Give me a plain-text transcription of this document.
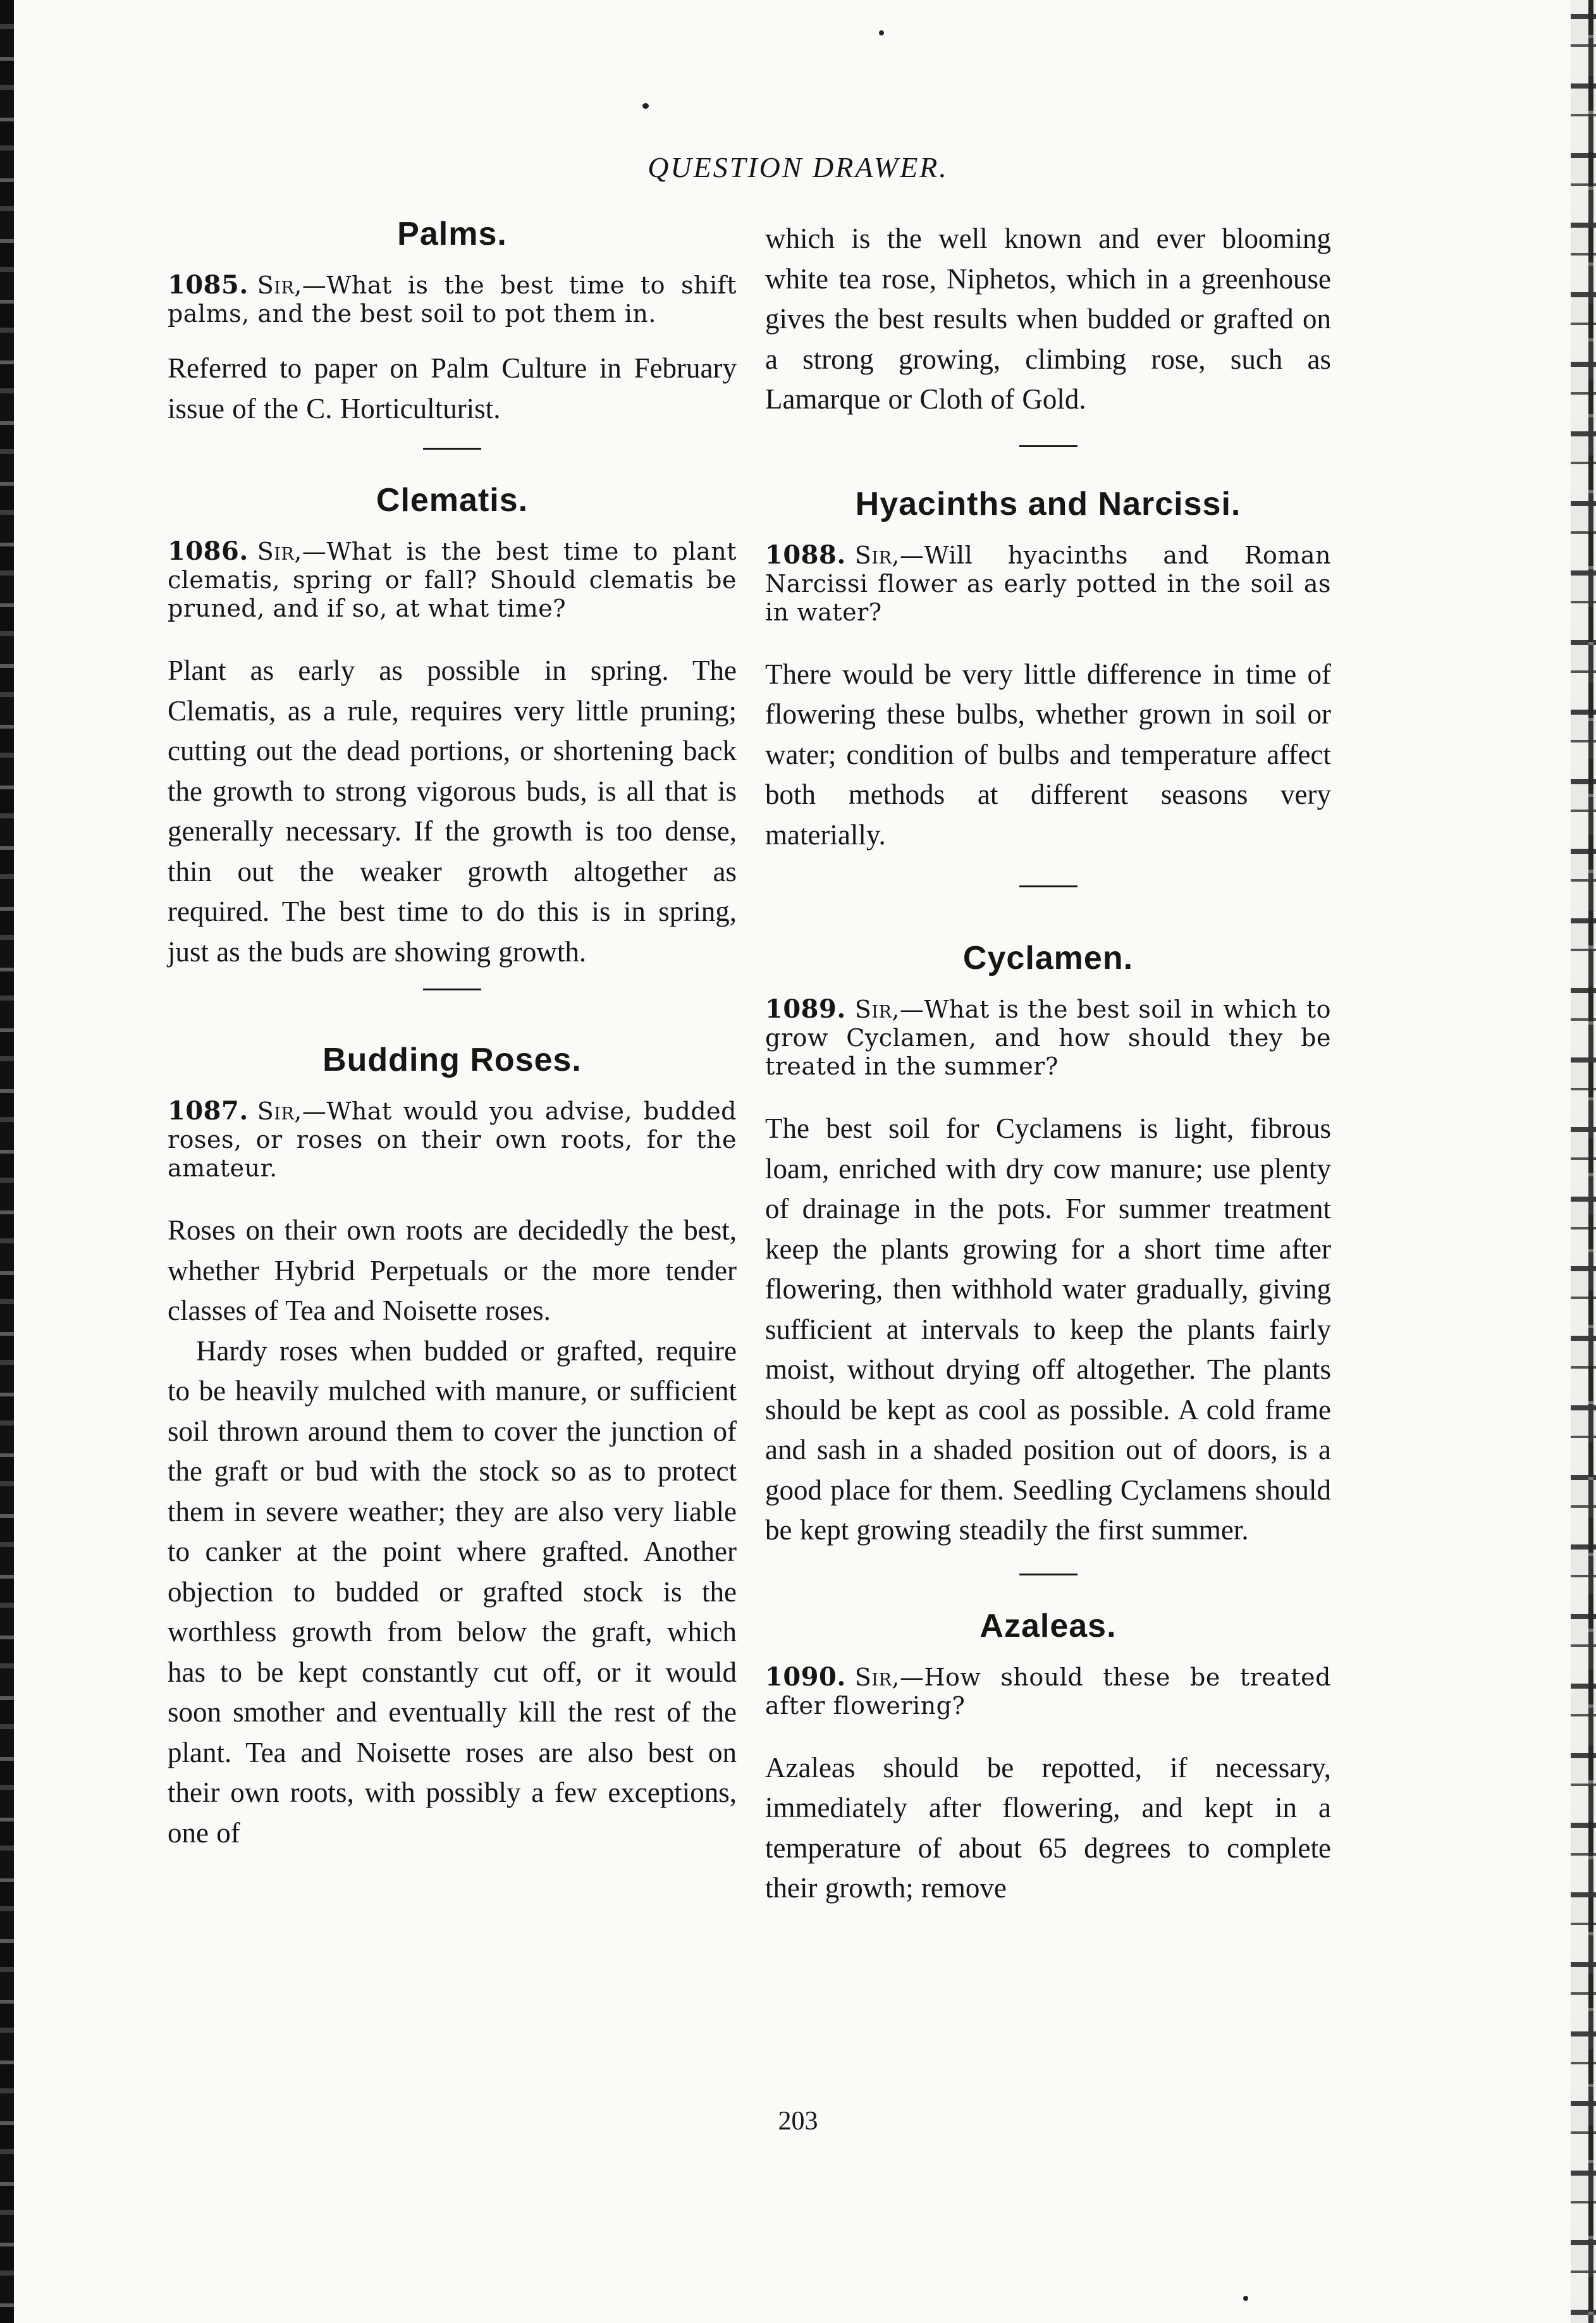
QUESTION DRAWER.
Palms.

1085. Sir,—What is the best time to shift palms, and the best soil to pot them in.

Referred to paper on Palm Culture in February issue of the C. Horticulturist.

Clematis.

1086. Sir,—What is the best time to plant clematis, spring or fall? Should clematis be pruned, and if so, at what time?

Plant as early as possible in spring. The Clematis, as a rule, requires very little pruning; cutting out the dead portions, or shortening back the growth to strong vigorous buds, is all that is generally necessary. If the growth is too dense, thin out the weaker growth altogether as required. The best time to do this is in spring, just as the buds are showing growth.

Budding Roses.

1087. Sir,—What would you advise, budded roses, or roses on their own roots, for the amateur.

Roses on their own roots are decidedly the best, whether Hybrid Perpetuals or the more tender classes of Tea and Noisette roses.

Hardy roses when budded or grafted, require to be heavily mulched with manure, or sufficient soil thrown around them to cover the junction of the graft or bud with the stock so as to protect them in severe weather; they are also very liable to canker at the point where grafted. Another objection to budded or grafted stock is the worthless growth from below the graft, which has to be kept constantly cut off, or it would soon smother and eventually kill the rest of the plant. Tea and Noisette roses are also best on their own roots, with possibly a few exceptions, one of

which is the well known and ever blooming white tea rose, Niphetos, which in a greenhouse gives the best results when budded or grafted on a strong growing, climbing rose, such as Lamarque or Cloth of Gold.

Hyacinths and Narcissi.

1088. Sir,—Will hyacinths and Roman Narcissi flower as early potted in the soil as in water?

There would be very little difference in time of flowering these bulbs, whether grown in soil or water; condition of bulbs and temperature affect both methods at different seasons very materially.

Cyclamen.

1089. Sir,—What is the best soil in which to grow Cyclamen, and how should they be treated in the summer?

The best soil for Cyclamens is light, fibrous loam, enriched with dry cow manure; use plenty of drainage in the pots. For summer treatment keep the plants growing for a short time after flowering, then withhold water gradually, giving sufficient at intervals to keep the plants fairly moist, without drying off altogether. The plants should be kept as cool as possible. A cold frame and sash in a shaded position out of doors, is a good place for them. Seedling Cyclamens should be kept growing steadily the first summer.

Azaleas.

1090. Sir,—How should these be treated after flowering?

Azaleas should be repotted, if necessary, immediately after flowering, and kept in a temperature of about 65 degrees to complete their growth; remove

203
